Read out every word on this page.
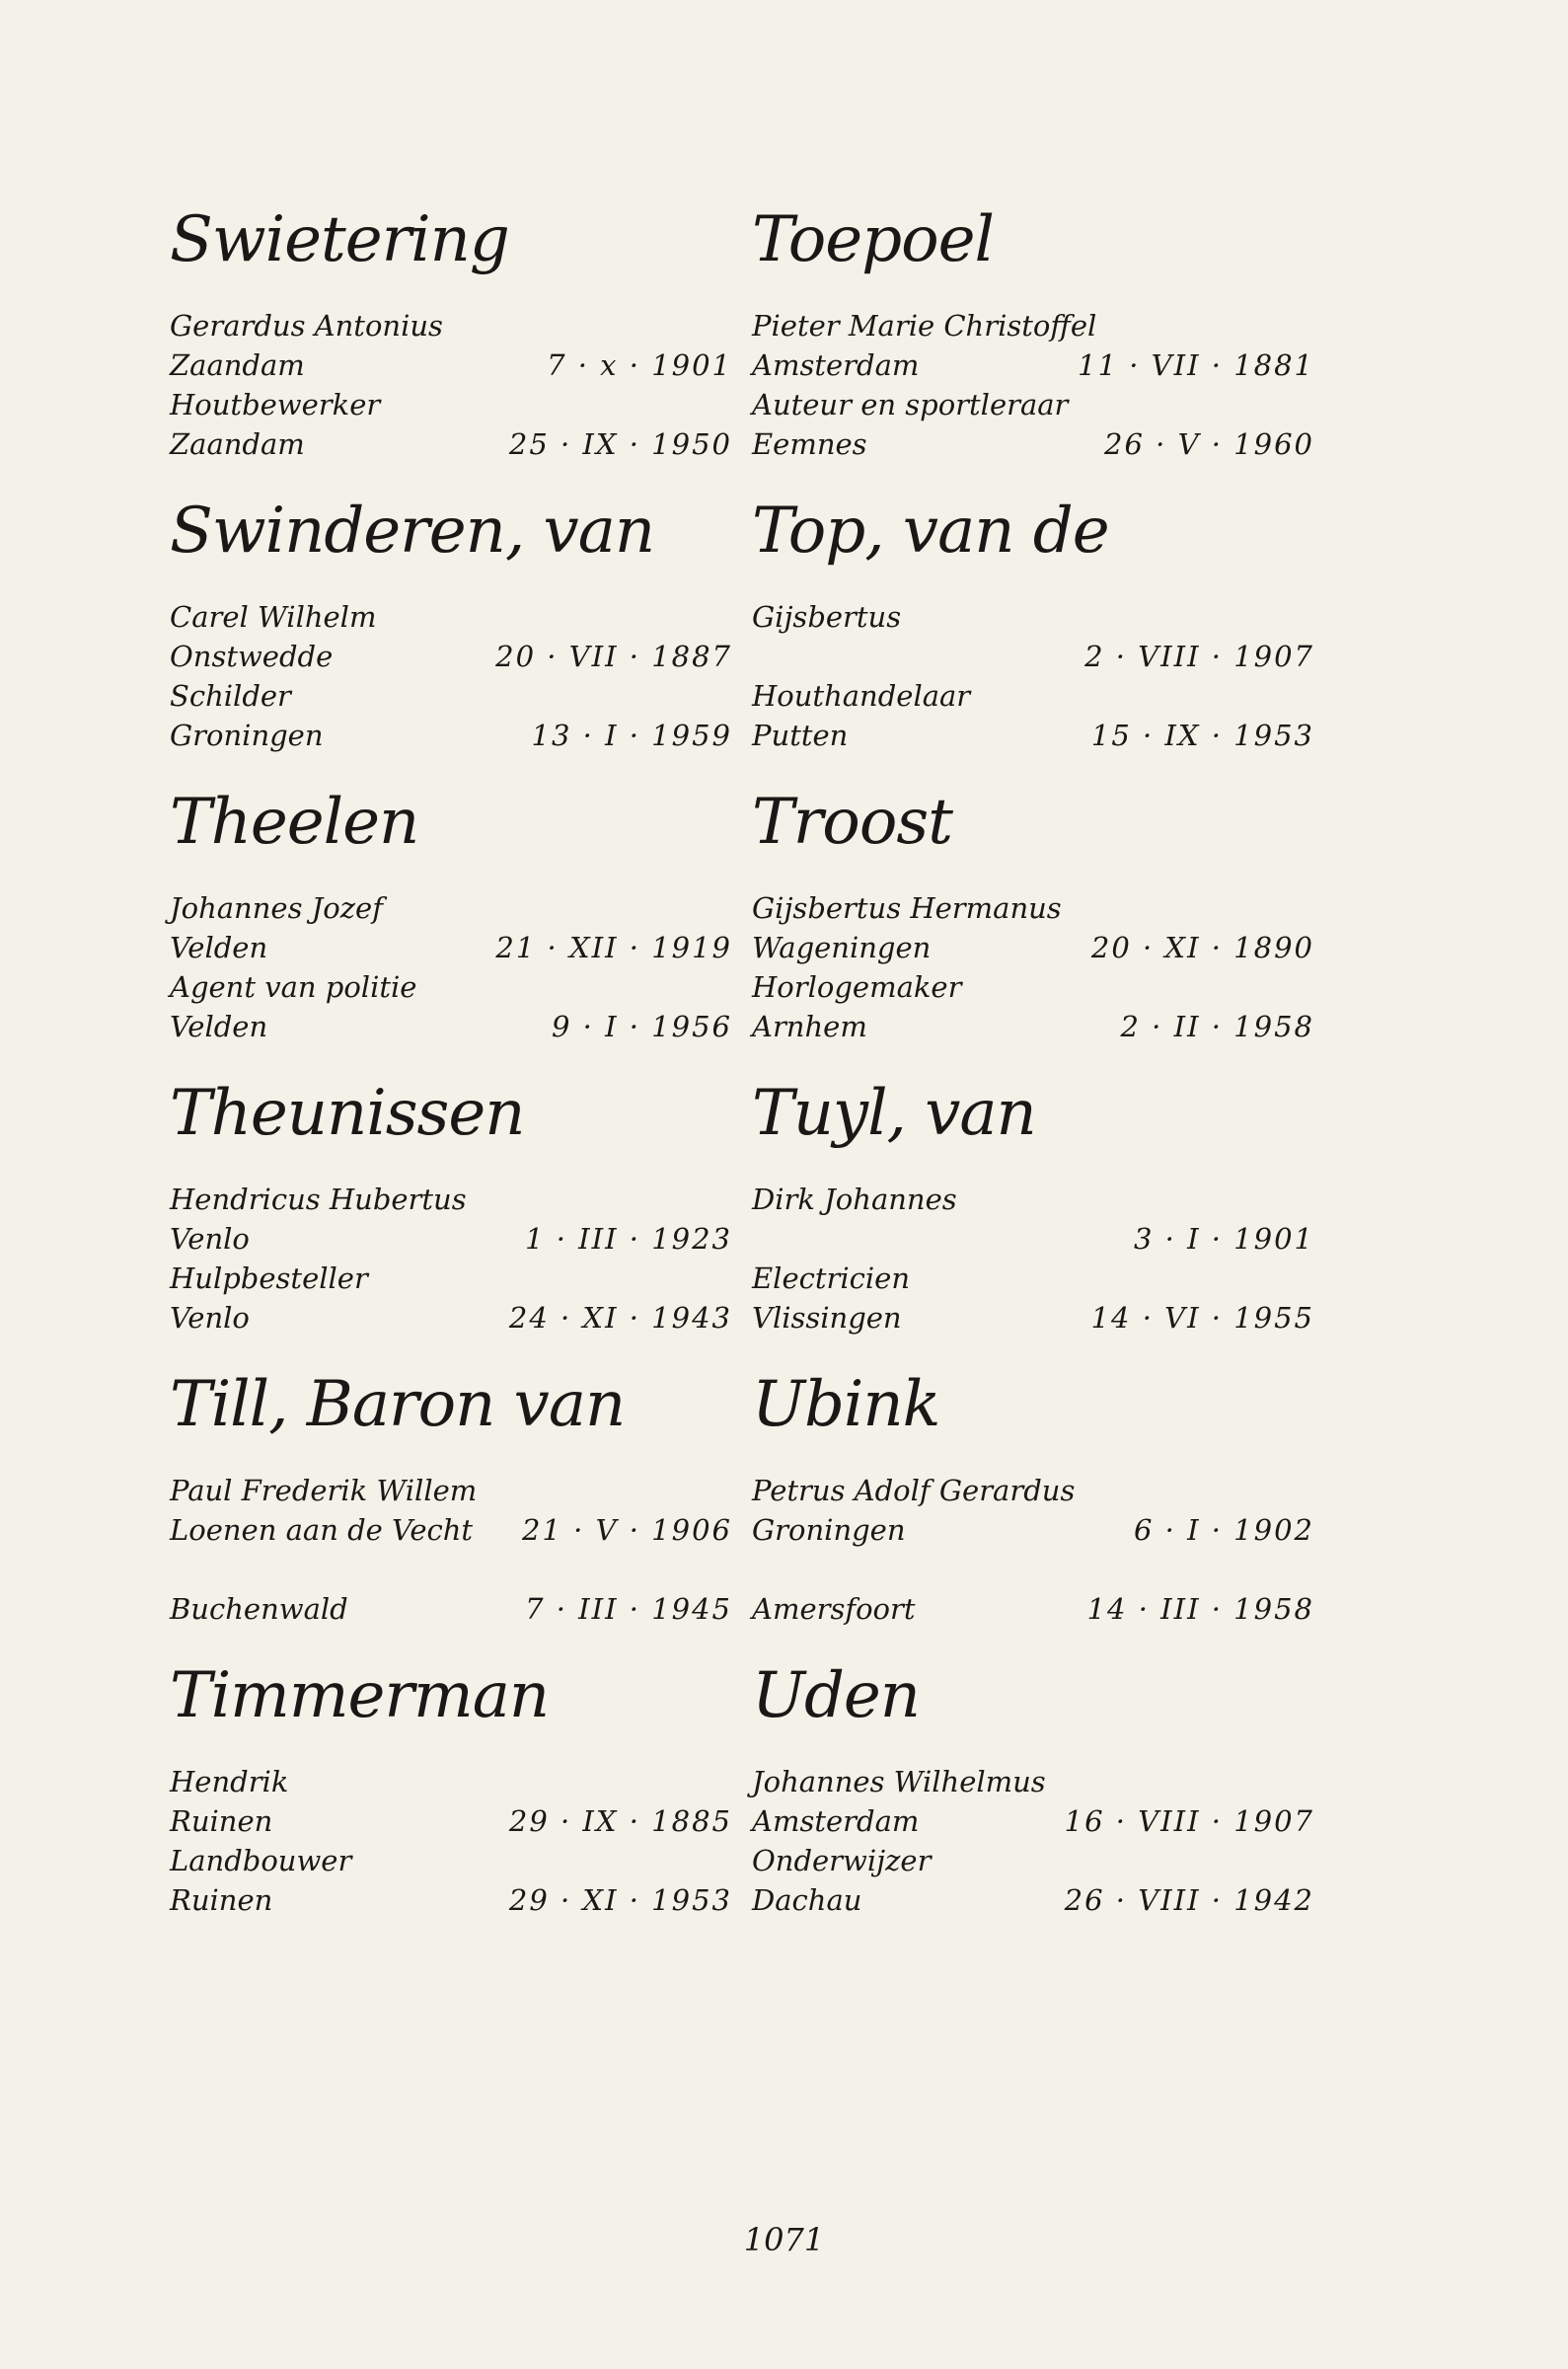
Swietering
Gerardus Antonius
Zaandam	7 · x · 1901
Houtbewerker
Zaandam	25 · IX · 1950
Swinderen, van
Carel Wilhelm
Onstwedde	20 · VII · 1887
Schilder
Groningen	13 · I · 1959
Theelen
Johannes Jozef
Velden	21 · XII · 1919
Agent van politie
Velden	9 · I · 1956
Theunissen
Hendricus Hubertus
Venlo	1 · III · 1923
Hulpbesteller
Venlo	24 · XI · 1943
Till, Baron van
Paul Frederik Willem
Loenen aan de Vecht 21 · V · 1906
Buchenwald	7 · III · 1945
Timmerman
Hendrik
Ruinen	29 · IX · 1885
Landbouwer
Ruinen	29 · XI · 1953
Toepoel
Pieter Marie Christoffel
Amsterdam	11 · VII · 1881
Auteur en sportleraar
Eemnes	26 · V · 1960
Top, van de
Gijsbertus
2 · VIII · 1907
Houthandelaar
Putten	15 · IX · 1953
Troost
Gijsbertus Hermanus
Wageningen	20 · XI · 1890
Horlogemaker
Arnhem	2 · II · 1958
Tuyl, van
Dirk Johannes
3 · I · 1901
Electricien
Vlissingen	14 · VI · 1955
Ubink
Petrus Adolf Gerardus
Groningen	6 · I · 1902
Amersfoort	14 · III · 1958
Uden
Johannes Wilhelmus
Amsterdam	16 · VIII · 1907
Onderwijzer
Dachau	26 · VIII · 1942
1071
